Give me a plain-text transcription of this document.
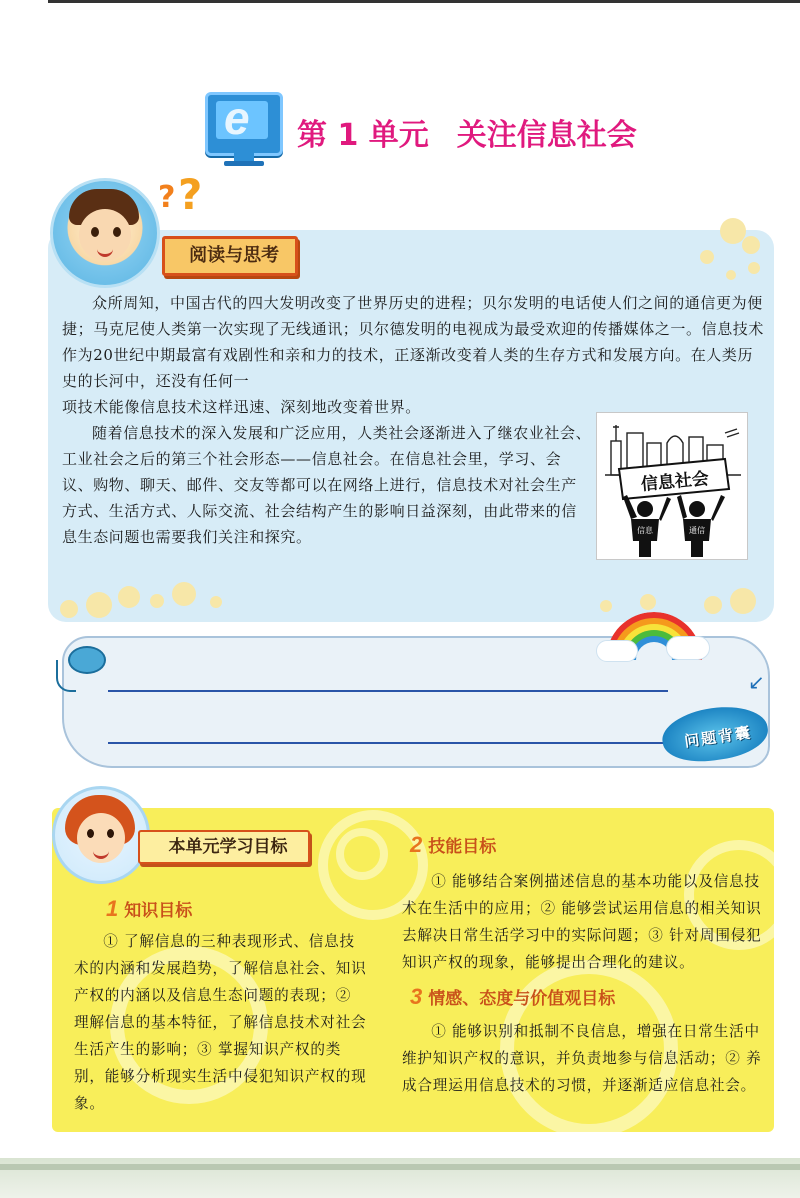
e 第 1 单元 关注信息社会
? ?
阅读与思考

众所周知，中国古代的四大发明改变了世界历史的进程；贝尔发明的电话使人们之间的通信更为便捷；马克尼使人类第一次实现了无线通讯；贝尔德发明的电视成为最受欢迎的传播媒体之一。信息技术作为20世纪中期最富有戏剧性和亲和力的技术，正逐渐改变着人类的生存方式和发展方向。在人类历史的长河中，还没有任何一

项技术能像信息技术这样迅速、深刻地改变着世界。

随着信息技术的深入发展和广泛应用，人类社会逐渐进入了继农业社会、工业社会之后的第三个社会形态——信息社会。在信息社会里，学习、会议、购物、聊天、邮件、交友等都可以在网络上进行，信息技术对社会生产方式、生活方式、人际交流、社会结构产生的影响日益深刻，由此带来的信息生态问题也需要我们关注和探究。

信息社会
信息	通信
↙
问题背囊
本单元学习目标
1 知识目标

① 了解信息的三种表现形式、信息技术的内涵和发展趋势，了解信息社会、知识产权的内涵以及信息生态问题的表现；② 理解信息的基本特征，了解信息技术对社会生活产生的影响；③ 掌握知识产权的类别，能够分析现实生活中侵犯知识产权的现象。

2 技能目标

① 能够结合案例描述信息的基本功能以及信息技术在生活中的应用；② 能够尝试运用信息的相关知识去解决日常生活学习中的实际问题；③ 针对周围侵犯知识产权的现象，能够提出合理化的建议。

3 情感、态度与价值观目标

① 能够识别和抵制不良信息，增强在日常生活中维护知识产权的意识，并负责地参与信息活动；② 养成合理运用信息技术的习惯，并逐渐适应信息社会。
